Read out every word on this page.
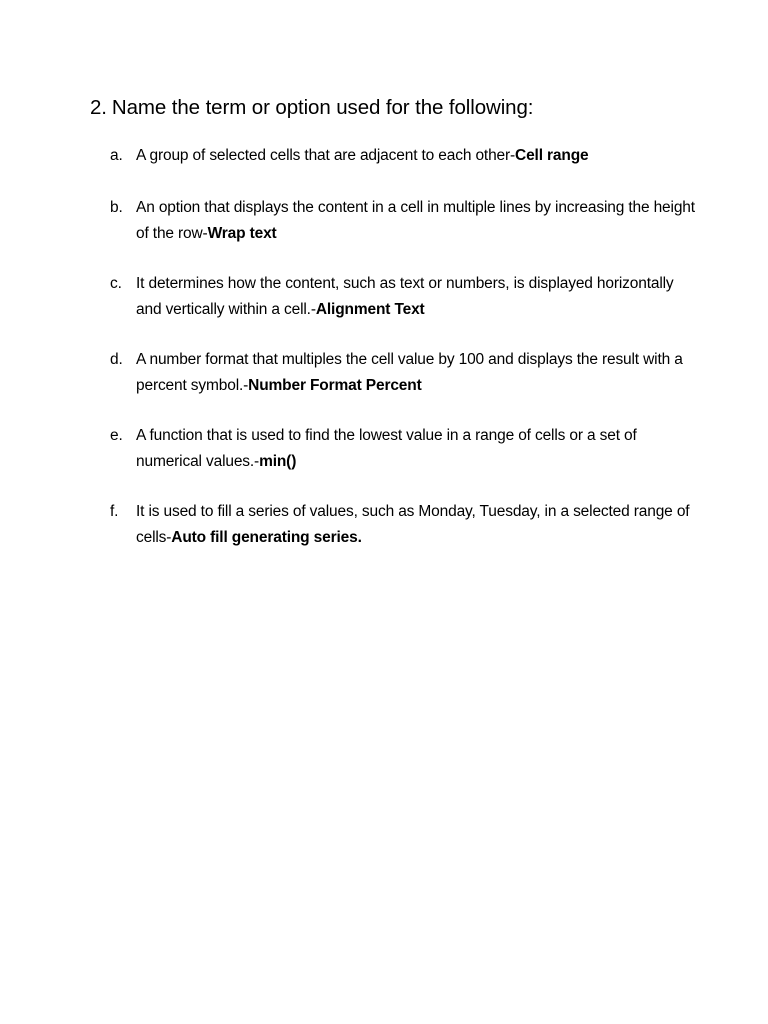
2. Name the term or option used for the following:
a. A group of selected cells that are adjacent to each other-Cell range
b. An option that displays the content in a cell in multiple lines by increasing the height of the row-Wrap text
c. It determines how the content, such as text or numbers, is displayed horizontally and vertically within a cell.-Alignment Text
d. A number format that multiples the cell value by 100 and displays the result with a percent symbol.-Number Format Percent
e. A function that is used to find the lowest value in a range of cells or a set of numerical values.-min()
f.	It is used to fill a series of values, such as Monday, Tuesday, in a selected range of cells-Auto fill generating series.
